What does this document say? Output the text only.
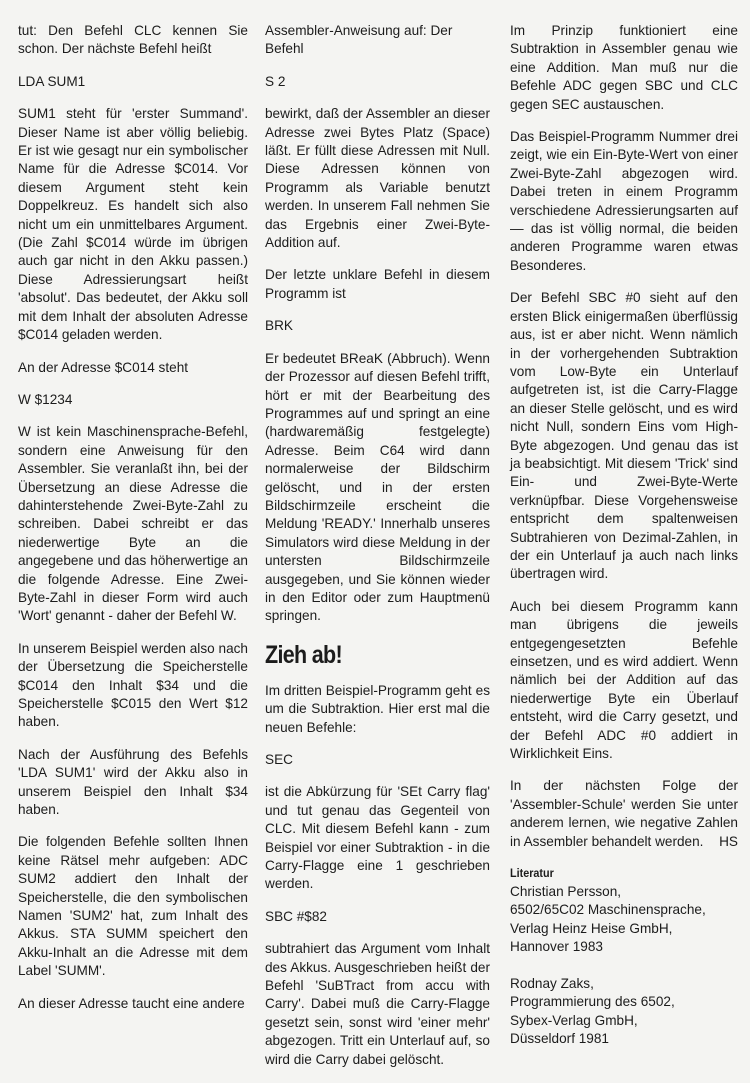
tut: Den Befehl CLC kennen Sie schon. Der nächste Befehl heißt

LDA SUM1

SUM1 steht für 'erster Summand'. Dieser Name ist aber völlig beliebig. Er ist wie gesagt nur ein symbolischer Name für die Adresse $C014. Vor diesem Argument steht kein Doppelkreuz. Es handelt sich also nicht um ein unmittelbares Argument. (Die Zahl $C014 würde im übrigen auch gar nicht in den Akku passen.) Diese Adressierungsart heißt 'absolut'. Das bedeutet, der Akku soll mit dem Inhalt der absoluten Adresse $C014 geladen werden.

An der Adresse $C014 steht

W $1234

W ist kein Maschinensprache-Befehl, sondern eine Anweisung für den Assembler. Sie veranlaßt ihn, bei der Übersetzung an diese Adresse die dahinterstehende Zwei-Byte-Zahl zu schreiben. Dabei schreibt er das niederwertige Byte an die angegebene und das höherwertige an die folgende Adresse. Eine Zwei-Byte-Zahl in dieser Form wird auch 'Wort' genannt - daher der Befehl W.

In unserem Beispiel werden also nach der Übersetzung die Speicherstelle $C014 den Inhalt $34 und die Speicherstelle $C015 den Wert $12 haben.

Nach der Ausführung des Befehls 'LDA SUM1' wird der Akku also in unserem Beispiel den Inhalt $34 haben.

Die folgenden Befehle sollten Ihnen keine Rätsel mehr aufgeben: ADC SUM2 addiert den Inhalt der Speicherstelle, die den symbolischen Namen 'SUM2' hat, zum Inhalt des Akkus. STA SUMM speichert den Akku-Inhalt an die Adresse mit dem Label 'SUMM'.

An dieser Adresse taucht eine andere

Assembler-Anweisung auf: Der Befehl

S 2

bewirkt, daß der Assembler an dieser Adresse zwei Bytes Platz (Space) läßt. Er füllt diese Adressen mit Null. Diese Adressen können von Programm als Variable benutzt werden. In unserem Fall nehmen Sie das Ergebnis einer Zwei-Byte-Addition auf.

Der letzte unklare Befehl in diesem Programm ist

BRK

Er bedeutet BReaK (Abbruch). Wenn der Prozessor auf diesen Befehl trifft, hört er mit der Bearbeitung des Programmes auf und springt an eine (hardwaremäßig festgelegte) Adresse. Beim C64 wird dann normalerweise der Bildschirm gelöscht, und in der ersten Bildschirmzeile erscheint die Meldung 'READY.' Innerhalb unseres Simulators wird diese Meldung in der untersten Bildschirmzeile ausgegeben, und Sie können wieder in den Editor oder zum Hauptmenü springen.

Zieh ab!

Im dritten Beispiel-Programm geht es um die Subtraktion. Hier erst mal die neuen Befehle:

SEC

ist die Abkürzung für 'SEt Carry flag' und tut genau das Gegenteil von CLC. Mit diesem Befehl kann - zum Beispiel vor einer Subtraktion - in die Carry-Flagge eine 1 geschrieben werden.

SBC #$82

subtrahiert das Argument vom Inhalt des Akkus. Ausgeschrieben heißt der Befehl 'SuBTract from accu with Carry'. Dabei muß die Carry-Flagge gesetzt sein, sonst wird 'einer mehr' abgezogen. Tritt ein Unterlauf auf, so wird die Carry dabei gelöscht.

Im Prinzip funktioniert eine Subtraktion in Assembler genau wie eine Addition. Man muß nur die Befehle ADC gegen SBC und CLC gegen SEC austauschen.

Das Beispiel-Programm Nummer drei zeigt, wie ein Ein-Byte-Wert von einer Zwei-Byte-Zahl abgezogen wird. Dabei treten in einem Programm verschiedene Adressierungsarten auf — das ist völlig normal, die beiden anderen Programme waren etwas Besonderes.

Der Befehl SBC #0 sieht auf den ersten Blick einigermaßen überflüssig aus, ist er aber nicht. Wenn nämlich in der vorhergehenden Subtraktion vom Low-Byte ein Unterlauf aufgetreten ist, ist die Carry-Flagge an dieser Stelle gelöscht, und es wird nicht Null, sondern Eins vom High-Byte abgezogen. Und genau das ist ja beabsichtigt. Mit diesem 'Trick' sind Ein- und Zwei-Byte-Werte verknüpfbar. Diese Vorgehensweise entspricht dem spaltenweisen Subtrahieren von Dezimal-Zahlen, in der ein Unterlauf ja auch nach links übertragen wird.

Auch bei diesem Programm kann man übrigens die jeweils entgegengesetzten Befehle einsetzen, und es wird addiert. Wenn nämlich bei der Addition auf das niederwertige Byte ein Überlauf entsteht, wird die Carry gesetzt, und der Befehl ADC #0 addiert in Wirklichkeit Eins.

In der nächsten Folge der 'Assembler-Schule' werden Sie unter anderem lernen, wie negative Zahlen in Assembler behandelt werden. HS

Literatur

Christian Persson,
6502/65C02 Maschinensprache,
Verlag Heinz Heise GmbH,
Hannover 1983

Rodnay Zaks,
Programmierung des 6502,
Sybex-Verlag GmbH,
Düsseldorf 1981
